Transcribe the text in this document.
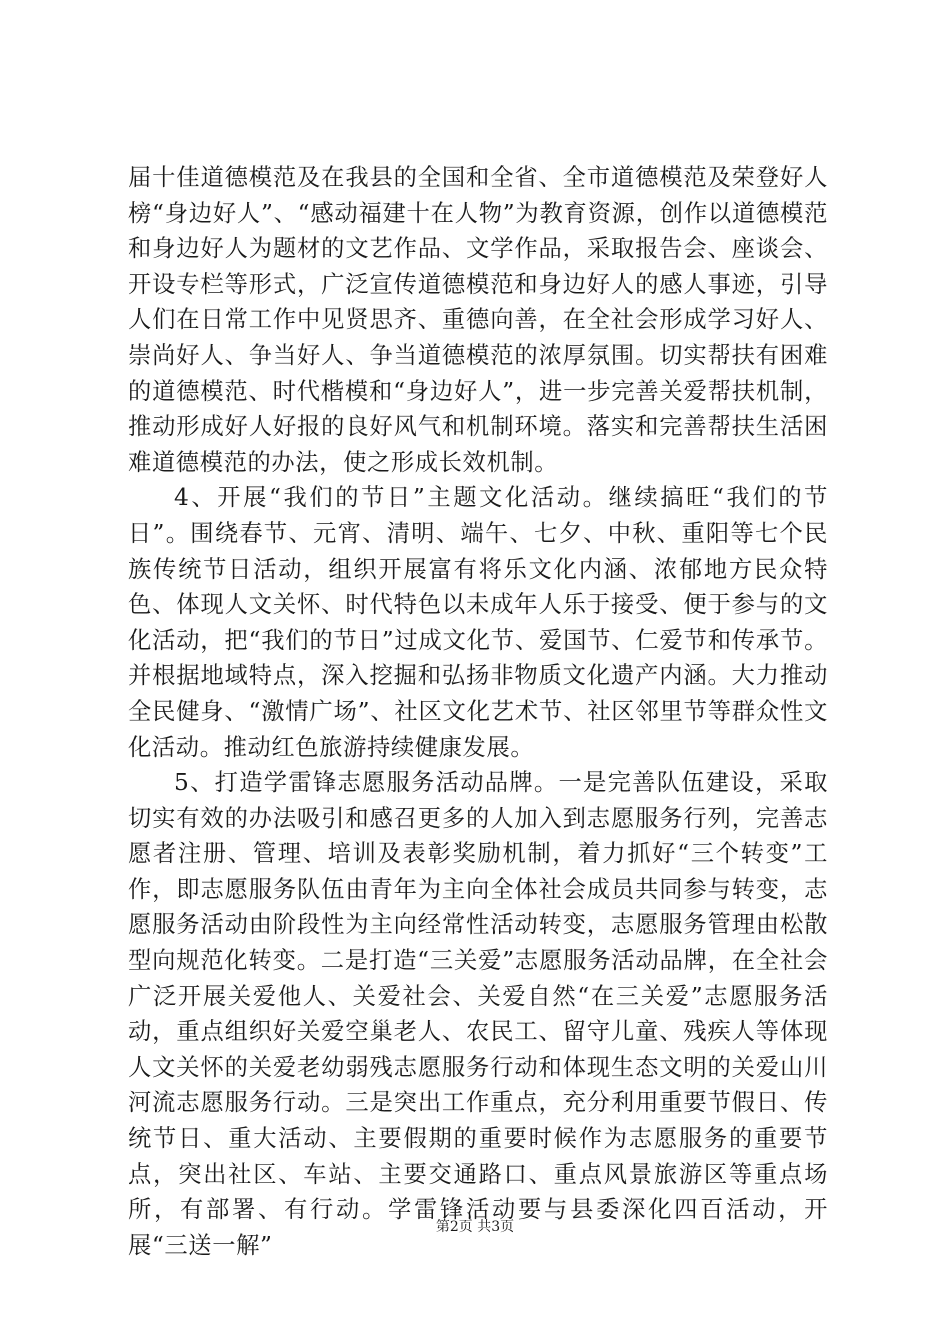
届十佳道德模范及在我县的全国和全省、全市道德模范及荣登好人榜“身边好人”、“感动福建十在人物”为教育资源，创作以道德模范和身边好人为题材的文艺作品、文学作品，采取报告会、座谈会、开设专栏等形式，广泛宣传道德模范和身边好人的感人事迹，引导人们在日常工作中见贤思齐、重德向善，在全社会形成学习好人、崇尚好人、争当好人、争当道德模范的浓厚氛围。切实帮扶有困难的道德模范、时代楷模和“身边好人”，进一步完善关爱帮扶机制，推动形成好人好报的良好风气和机制环境。落实和完善帮扶生活困难道德模范的办法，使之形成长效机制。

4、开展“我们的节日”主题文化活动。继续搞旺“我们的节日”。围绕春节、元宵、清明、端午、七夕、中秋、重阳等七个民族传统节日活动，组织开展富有将乐文化内涵、浓郁地方民众特色、体现人文关怀、时代特色以未成年人乐于接受、便于参与的文化活动，把“我们的节日”过成文化节、爱国节、仁爱节和传承节。并根据地域特点，深入挖掘和弘扬非物质文化遗产内涵。大力推动全民健身、“激情广场”、社区文化艺术节、社区邻里节等群众性文化活动。推动红色旅游持续健康发展。

5、打造学雷锋志愿服务活动品牌。一是完善队伍建设，采取切实有效的办法吸引和感召更多的人加入到志愿服务行列，完善志愿者注册、管理、培训及表彰奖励机制，着力抓好“三个转变”工作，即志愿服务队伍由青年为主向全体社会成员共同参与转变，志愿服务活动由阶段性为主向经常性活动转变，志愿服务管理由松散型向规范化转变。二是打造“三关爱”志愿服务活动品牌，在全社会广泛开展关爱他人、关爱社会、关爱自然“在三关爱”志愿服务活动，重点组织好关爱空巢老人、农民工、留守儿童、残疾人等体现人文关怀的关爱老幼弱残志愿服务行动和体现生态文明的关爱山川河流志愿服务行动。三是突出工作重点，充分利用重要节假日、传统节日、重大活动、主要假期的重要时候作为志愿服务的重要节点，突出社区、车站、主要交通路口、重点风景旅游区等重点场所，有部署、有行动。学雷锋活动要与县委深化四百活动，开展“三送一解”

第2页 共3页
